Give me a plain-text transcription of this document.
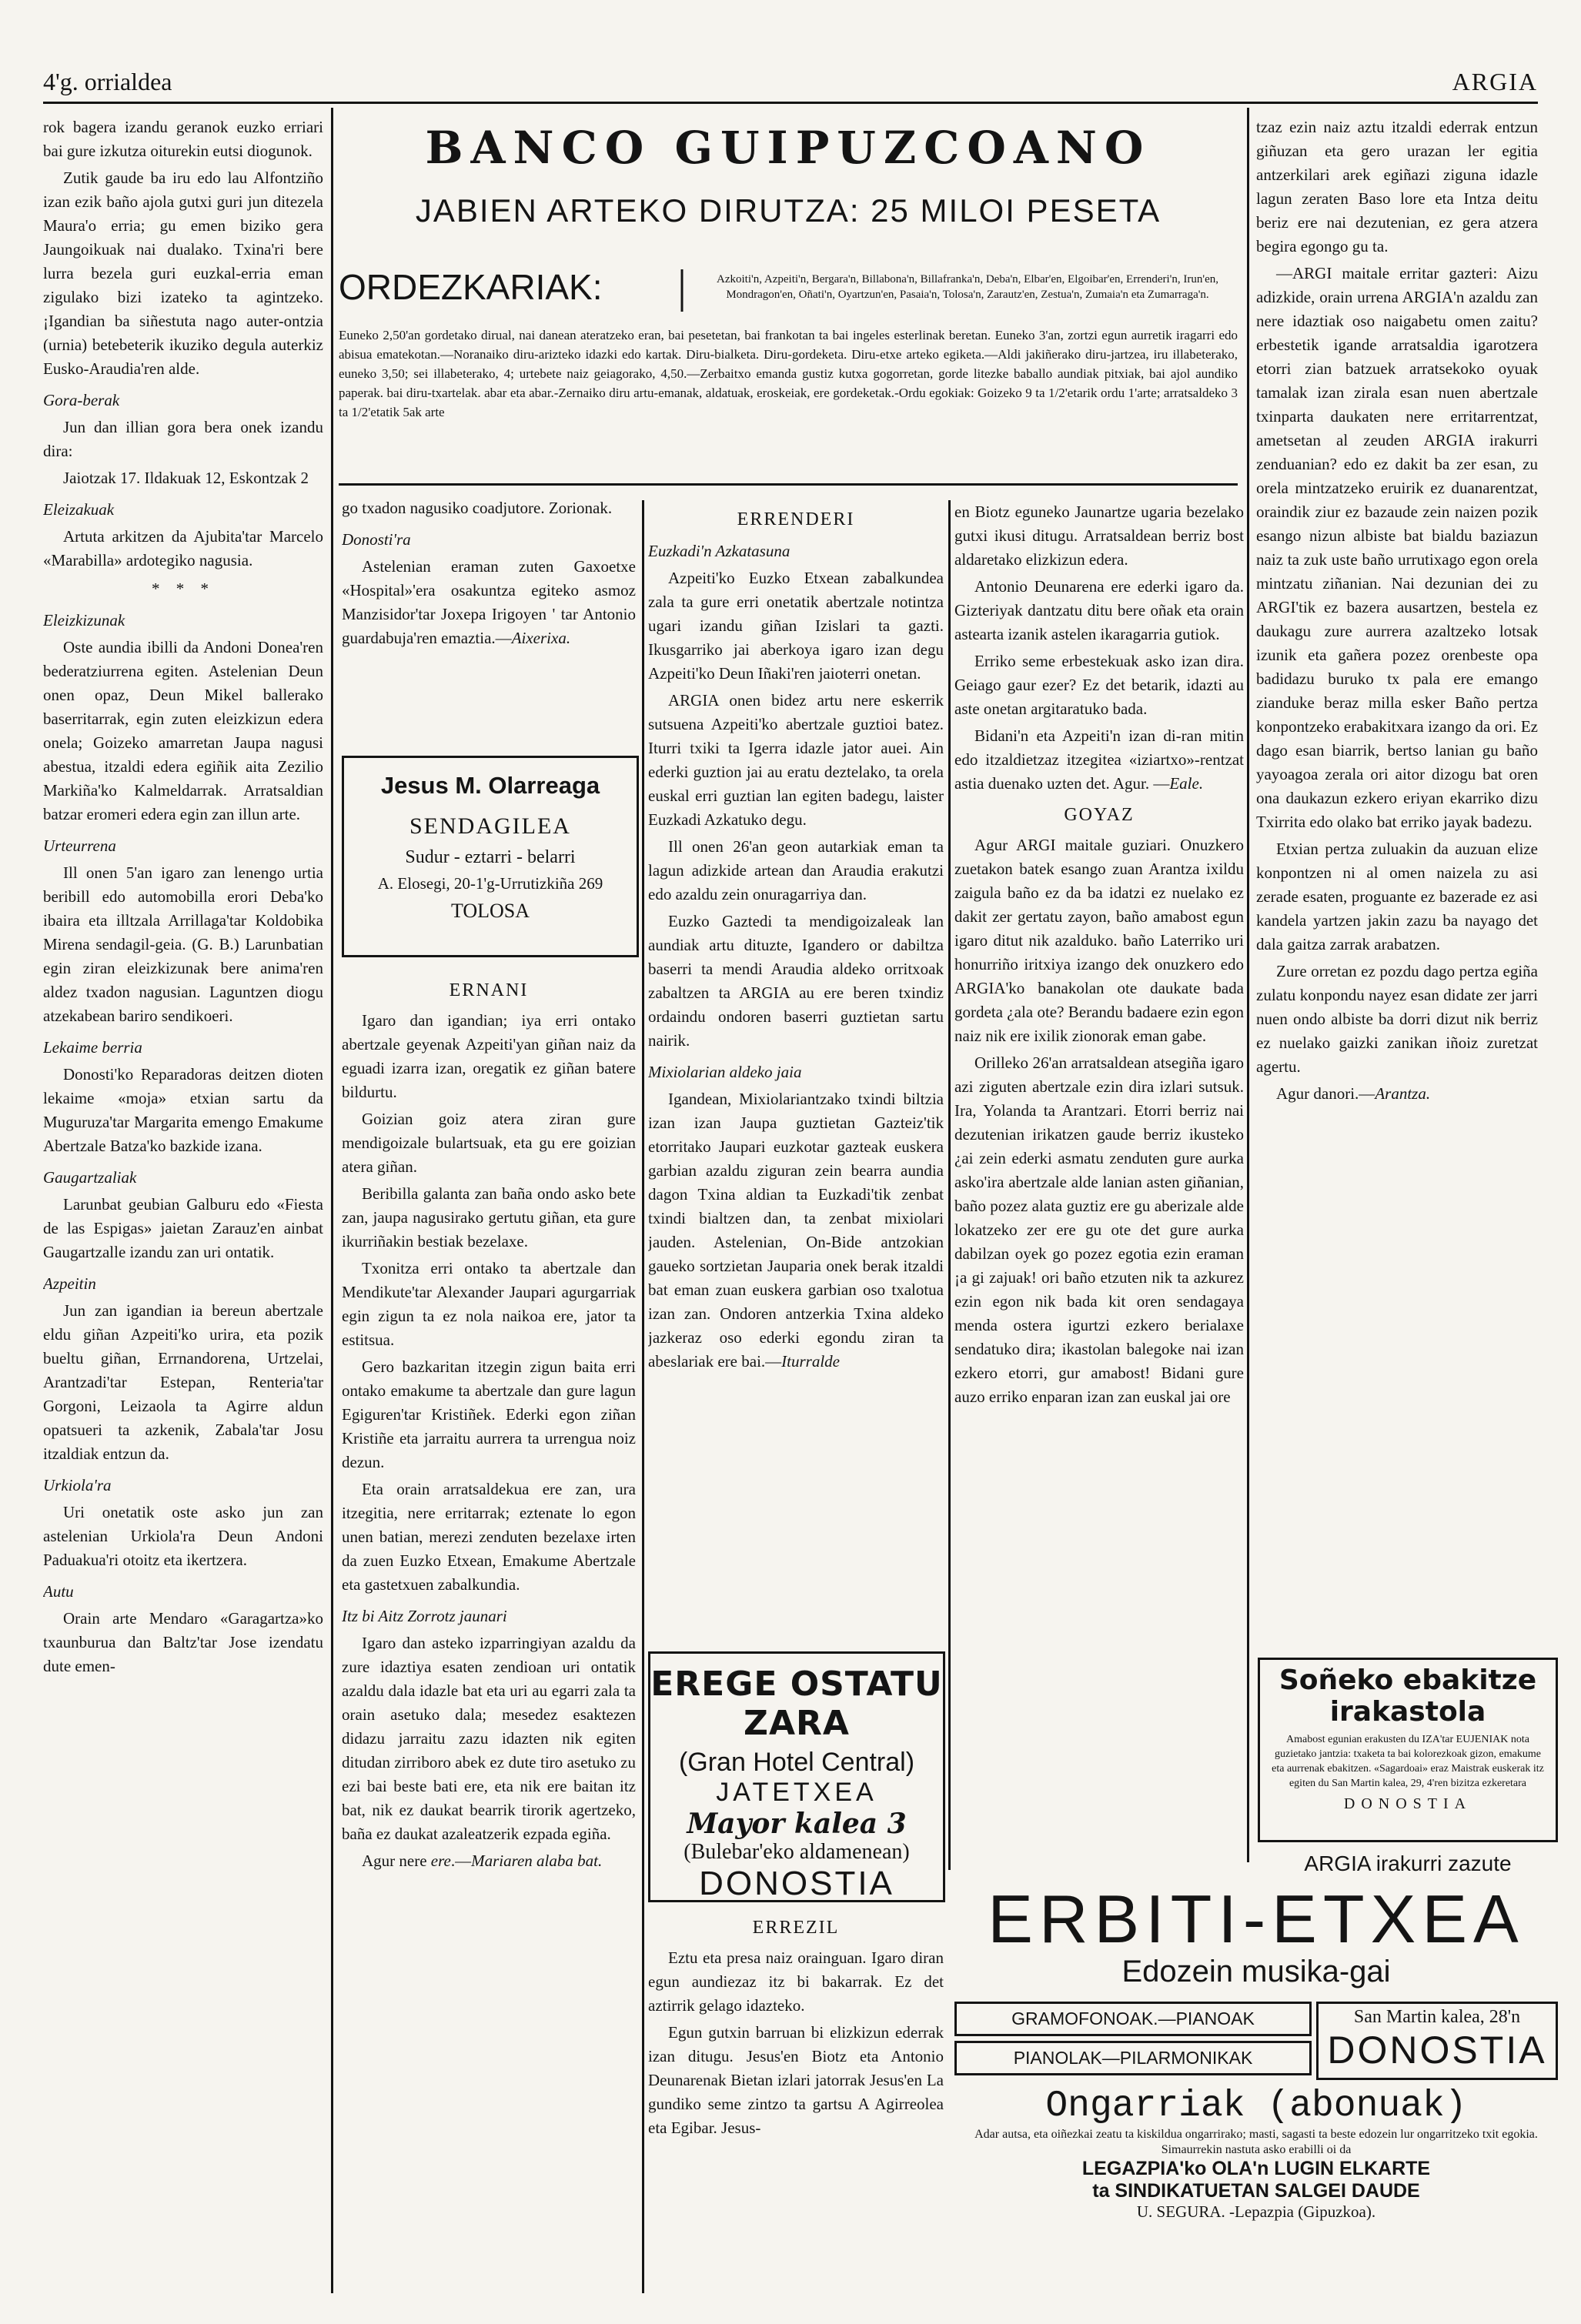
4'g. orrialdea	ARGIA

rok bagera izandu geranok euzko erriari bai gure izkutza oiturekin eutsi diogunok.

Zutik gaude ba iru edo lau Alfontziño izan ezik baño ajola gutxi guri jun ditezela Maura'o erria; gu emen biziko gera Jaungoikuak nai dualako. Txina'ri bere lurra bezela guri euzkal-erria eman zigulako bizi izateko ta agintzeko. ¡Igandian ba siñestuta nago auter-ontzia (urnia) betebeterik ikuziko degula auterkiz Eusko-Araudia'ren alde.

Gora-berak

Jun dan illian gora bera onek izandu dira:

Jaiotzak 17. Ildakuak 12, Eskontzak 2

Eleizakuak

Artuta arkitzen da Ajubita'tar Marcelo «Marabilla» ardotegiko nagusia.

* * *
Eleizkizunak

Oste aundia ibilli da Andoni Donea'ren bederatziurrena egiten. Astelenian Deun onen opaz, Deun Mikel ballerako baserritarrak, egin zuten eleizkizun edera onela; Goizeko amarretan Jaupa nagusi abestua, itzaldi edera egiñik aita Zezilio Markiña'ko Kalmeldarrak. Arratsaldian batzar eromeri edera egin zan illun arte.

Urteurrena

Ill onen 5'an igaro zan lenengo urtia beribill edo automobilla erori Deba'ko ibaira eta illtzala Arrillaga'tar Koldobika Mirena sendagil-geia. (G. B.) Larunbatian egin ziran eleizkizunak bere anima'ren aldez txadon nagusian. Laguntzen diogu atzekabean bariro sendikoeri.

Lekaime berria

Donosti'ko Reparadoras deitzen dioten lekaime «moja» etxian sartu da Muguruza'tar Margarita emengo Emakume Abertzale Batza'ko bazkide izana.

Gaugartzaliak

Larunbat geubian Galburu edo «Fiesta de las Espigas» jaietan Zarauz'en ainbat Gaugartzalle izandu zan uri ontatik.

Azpeitin

Jun zan igandian ia bereun abertzale eldu giñan Azpeiti'ko urira, eta pozik bueltu giñan, Errnandorena, Urtzelai, Arantzadi'tar Estepan, Renteria'tar Gorgoni, Leizaola ta Agirre aldun opatsueri ta azkenik, Zabala'tar Josu itzaldiak entzun da.

Urkiola'ra

Uri onetatik oste asko jun zan astelenian Urkiola'ra Deun Andoni Paduakua'ri otoitz eta ikertzera.

Autu

Orain arte Mendaro «Garagartza»ko txaunburua dan Baltz'tar Jose izendatu dute emen-

BANCO GUIPUZCOANO
JABIEN ARTEKO DIRUTZA: 25 MILOI PESETA
ORDEZKARIAK:	|	Azkoiti'n, Azpeiti'n, Bergara'n, Billabona'n, Billafranka'n, Deba'n, Elbar'en, Elgoibar'en, Errenderi'n, Irun'en, Mondragon'en, Oñati'n, Oyartzun'en, Pasaia'n, Tolosa'n, Zarautz'en, Zestua'n, Zumaia'n eta Zumarraga'n.
Euneko 2,50'an gordetako dirual, nai danean ateratzeko eran, bai pesetetan, bai frankotan ta bai ingeles esterlinak beretan. Euneko 3'an, zortzi egun aurretik iragarri edo abisua ematekotan.—Noranaiko diru-arizteko idazki edo kartak. Diru-bialketa. Diru-gordeketa. Diru-etxe arteko egiketa.—Aldi jakiñerako diru-jartzea, iru illabeterako, euneko 3,50; sei illabeterako, 4; urtebete naiz geiagorako, 4,50.—Zerbaitxo emanda gustiz kutxa gogorretan, gorde litezke baballo aundiak pitxiak, bai ajol aundiko paperak. bai diru-txartelak. abar eta abar.-Zernaiko diru artu-emanak, aldatuak, eroskeiak, ere gordeketak.-Ordu egokiak: Goizeko 9 ta 1/2'etarik ordu 1'arte; arratsaldeko 3 ta 1/2'etatik 5ak arte

go txadon nagusiko coadjutore. Zorionak.

Donosti'ra

Astelenian eraman zuten Gaxoetxe «Hospital»'era osakuntza egiteko asmoz Manzisidor'tar Joxepa Irigoyen ' tar Antonio guardabuja'ren emaztia.—Aixerixa.

Jesus M. Olarreaga
SENDAGILEA
Sudur - eztarri - belarri
A. Elosegi, 20-1'g-Urrutizkiña 269
TOLOSA
ERNANI

Igaro dan igandian; iya erri ontako abertzale geyenak Azpeiti'yan giñan naiz da eguadi izarra izan, oregatik ez giñan batere bildurtu.

Goizian goiz atera ziran gure mendigoizale bulartsuak, eta gu ere goizian atera giñan.

Beribilla galanta zan baña ondo asko bete zan, jaupa nagusirako gertutu giñan, eta gure ikurriñakin bestiak bezelaxe.

Txonitza erri ontako ta abertzale dan Mendikute'tar Alexander Jaupari agurgarriak egin zigun ta ez nola naikoa ere, jator ta estitsua.

Gero bazkaritan itzegin zigun baita erri ontako emakume ta abertzale dan gure lagun Egiguren'tar Kristiñek. Ederki egon ziñan Kristiñe eta jarraitu aurrera ta urrengua noiz dezun.

Eta orain arratsaldekua ere zan, ura itzegitia, nere erritarrak; eztenate lo egon unen batian, merezi zenduten bezelaxe irten da zuen Euzko Etxean, Emakume Abertzale eta gastetxuen zabalkundia.

Itz bi Aitz Zorrotz jaunari

Igaro dan asteko izparringiyan azaldu da zure idaztiya esaten zendioan uri ontatik azaldu dala idazle bat eta uri au egarri zala ta orain asetuko dala; mesedez esaktezen didazu jarraitu zazu idazten nik egiten ditudan zirriboro abek ez dute tiro asetuko zu ezi bai beste bati ere, eta nik ere baitan itz bat, nik ez daukat bearrik tirorik agertzeko, baña ez daukat azaleatzerik ezpada egiña.

Agur nere ere.—Mariaren alaba bat.

ERRENDERI
Euzkadi'n Azkatasuna

Azpeiti'ko Euzko Etxean zabalkundea zala ta gure erri onetatik abertzale notintza ugari izandu giñan Izislari ta gazti. Ikusgarriko jai aberkoya igaro izan degu Azpeiti'ko Deun Iñaki'ren jaioterri onetan.

ARGIA onen bidez artu nere eskerrik sutsuena Azpeiti'ko abertzale guztioi batez. Iturri txiki ta Igerra idazle jator auei. Ain ederki guztion jai au eratu deztelako, ta orela euskal erri guztian lan egiten badegu, laister Euzkadi Azkatuko degu.

Ill onen 26'an geon autarkiak eman ta lagun adizkide artean dan Araudia erakutzi edo azaldu zein onuragarriya dan.

Euzko Gaztedi ta mendigoizaleak lan aundiak artu dituzte, Igandero or dabiltza baserri ta mendi Araudia aldeko orritxoak zabaltzen ta ARGIA au ere beren txindiz ordaindu ondoren baserri guztietan sartu nairik.

Mixiolarian aldeko jaia

Igandean, Mixiolariantzako txindi biltzia izan izan Jaupa guztietan Gazteiz'tik etorritako Jaupari euzkotar gazteak euskera garbian azaldu ziguran zein bearra aundia dagon Txina aldian ta Euzkadi'tik zenbat txindi bialtzen dan, ta zenbat mixiolari jauden. Astelenian, On-Bide antzokian gaueko sortzietan Jauparia onek berak itzaldi bat eman zuan euskera garbian oso txalotua izan zan. Ondoren antzerkia Txina aldeko jazkeraz oso ederki egondu ziran ta abeslariak ere bai.—Iturralde

EREGE OSTATU ZARA
(Gran Hotel Central)
JATETXEA
Mayor kalea 3
(Bulebar'eko aldamenean)
DONOSTIA
ERREZIL

Eztu eta presa naiz orainguan. Igaro diran egun aundiezaz itz bi bakarrak. Ez det aztirrik gelago idazteko.

Egun gutxin barruan bi elizkizun ederrak izan ditugu. Jesus'en Biotz eta Antonio Deunarenak Bietan izlari jatorrak Jesus'en La gundiko seme zintzo ta gartsu A Agirreolea eta Egibar. Jesus-

en Biotz eguneko Jaunartze ugaria bezelako gutxi ikusi ditugu. Arratsaldean berriz bost aldaretako elizkizun edera.

Antonio Deunarena ere ederki igaro da. Gizteriyak dantzatu ditu bere oñak eta orain astearta izanik astelen ikaragarria gutiok.

Erriko seme erbestekuak asko izan dira. Geiago gaur ezer? Ez det betarik, idazti au aste onetan argitaratuko bada.

Bidani'n eta Azpeiti'n izan di-ran mitin edo itzaldietzaz itzegitea «iziartxo»-rentzat astia duenako uzten det. Agur. —Eale.

GOYAZ

Agur ARGI maitale guziari. Onuzkero zuetakon batek esango zuan Arantza ixildu zaigula baño ez da ba idatzi ez nuelako ez dakit zer gertatu zayon, baño amabost egun igaro ditut nik azalduko. baño Laterriko uri honurriño iritxiya izango dek onuzkero edo ARGIA'ko banakolan ote daukate bada gordeta ¿ala ote? Berandu badaere ezin egon naiz nik ere ixilik zionorak eman gabe.

Orilleko 26'an arratsaldean atsegiña igaro azi ziguten abertzale ezin dira izlari sutsuk. Ira, Yolanda ta Arantzari. Etorri berriz nai dezutenian irikatzen gaude berriz ikusteko ¿ai zein ederki asmatu zenduten gure aurka asko'ira abertzale alde lanian asten giñanian, baño pozez alata guztiz ere gu aberizale alde lokatzeko zer ere gu ote det gure aurka dabilzan oyek go pozez egotia ezin eraman ¡a gi zajuak! ori baño etzuten nik ta azkurez ezin egon nik bada kit oren sendagaya menda ostera igurtzi ezkero berialaxe sendatuko dira; ikastolan balegoke nai izan ezkero etorri, gur amabost! Bidani gure auzo erriko enparan izan zan euskal jai ore

tzaz ezin naiz aztu itzaldi ederrak entzun giñuzan eta gero urazan ler egitia antzerkilari arek egiñazi ziguna idazle lagun zeraten Baso lore eta Intza deitu beriz ere nai dezutenian, ez gera atzera begira egongo gu ta.

—ARGI maitale erritar gazteri: Aizu adizkide, orain urrena ARGIA'n azaldu zan nere idaztiak oso naigabetu omen zaitu? erbestetik igande arratsaldia igarotzera etorri zian batzuek arratsekoko oyuak tamalak izan zirala esan nuen abertzale txinparta daukaten nere erritarrentzat, ametsetan al zeuden ARGIA irakurri zenduanian? edo ez dakit ba zer esan, zu orela mintzatzeko eruirik ez duanarentzat, oraindik ziur ez bazaude zein naizen pozik esango nizun albiste bat bialdu baziazun naiz ta zuk uste baño urrutixago egon orela mintzatu ziñanian. Nai dezunian dei zu ARGI'tik ez bazera ausartzen, bestela ez daukagu zure aurrera azaltzeko lotsak izunik eta gañera pozez orenbeste opa badidazu buruko tx pala ere emango zianduke beraz milla esker Baño pertza konpontzeko erabakitxara izango da ori. Ez dago esan biarrik, bertso lanian gu baño yayoagoa zerala ori aitor dizogu bat oren ona daukazun ezkero eriyan ekarriko dizu Txirrita edo olako bat erriko jayak badezu.

Etxian pertza zuluakin da auzuan elize konpontzen ni al omen naizela zu asi zerade esaten, proguante ez bazerade ez asi kandela yartzen jakin zazu ba nayago det dala gaitza zarrak arabatzen.

Zure orretan ez pozdu dago pertza egiña zulatu konpondu nayez esan didate zer jarri nuen ondo albiste ba dorri dizut nik berriz ez nuelako gaizki zanikan iñoiz zuretzat agertu.

Agur danori.—Arantza.

Soñeko ebakitze irakastola
Amabost egunian erakusten du IZA'tar EUJENIAK nota guzietako jantzia: txaketa ta bai kolorezkoak gizon, emakume eta aurrenak ebakitzen. «Sagardoai» eraz Maistrak euskerak itz egiten du San Martin kalea, 29, 4'ren bizitza ezkeretara
DONOSTIA
ARGIA irakurri zazute
ERBITI-ETXEA
Edozein musika-gai
GRAMOFONOAK.—PIANOAK
PIANOLAK—PILARMONIKAK
San Martin kalea, 28'n
DONOSTIA
Ongarriak (abonuak)
Adar autsa, eta oiñezkai zeatu ta kiskildua ongarrirako; masti, sagasti ta beste edozein lur ongarritzeko txit egokia. Simaurrekin nastuta asko erabilli oi da
LEGAZPIA'ko OLA'n LUGIN ELKARTE
ta SINDIKATUETAN SALGEI DAUDE
U. SEGURA. -Lepazpia (Gipuzkoa).
